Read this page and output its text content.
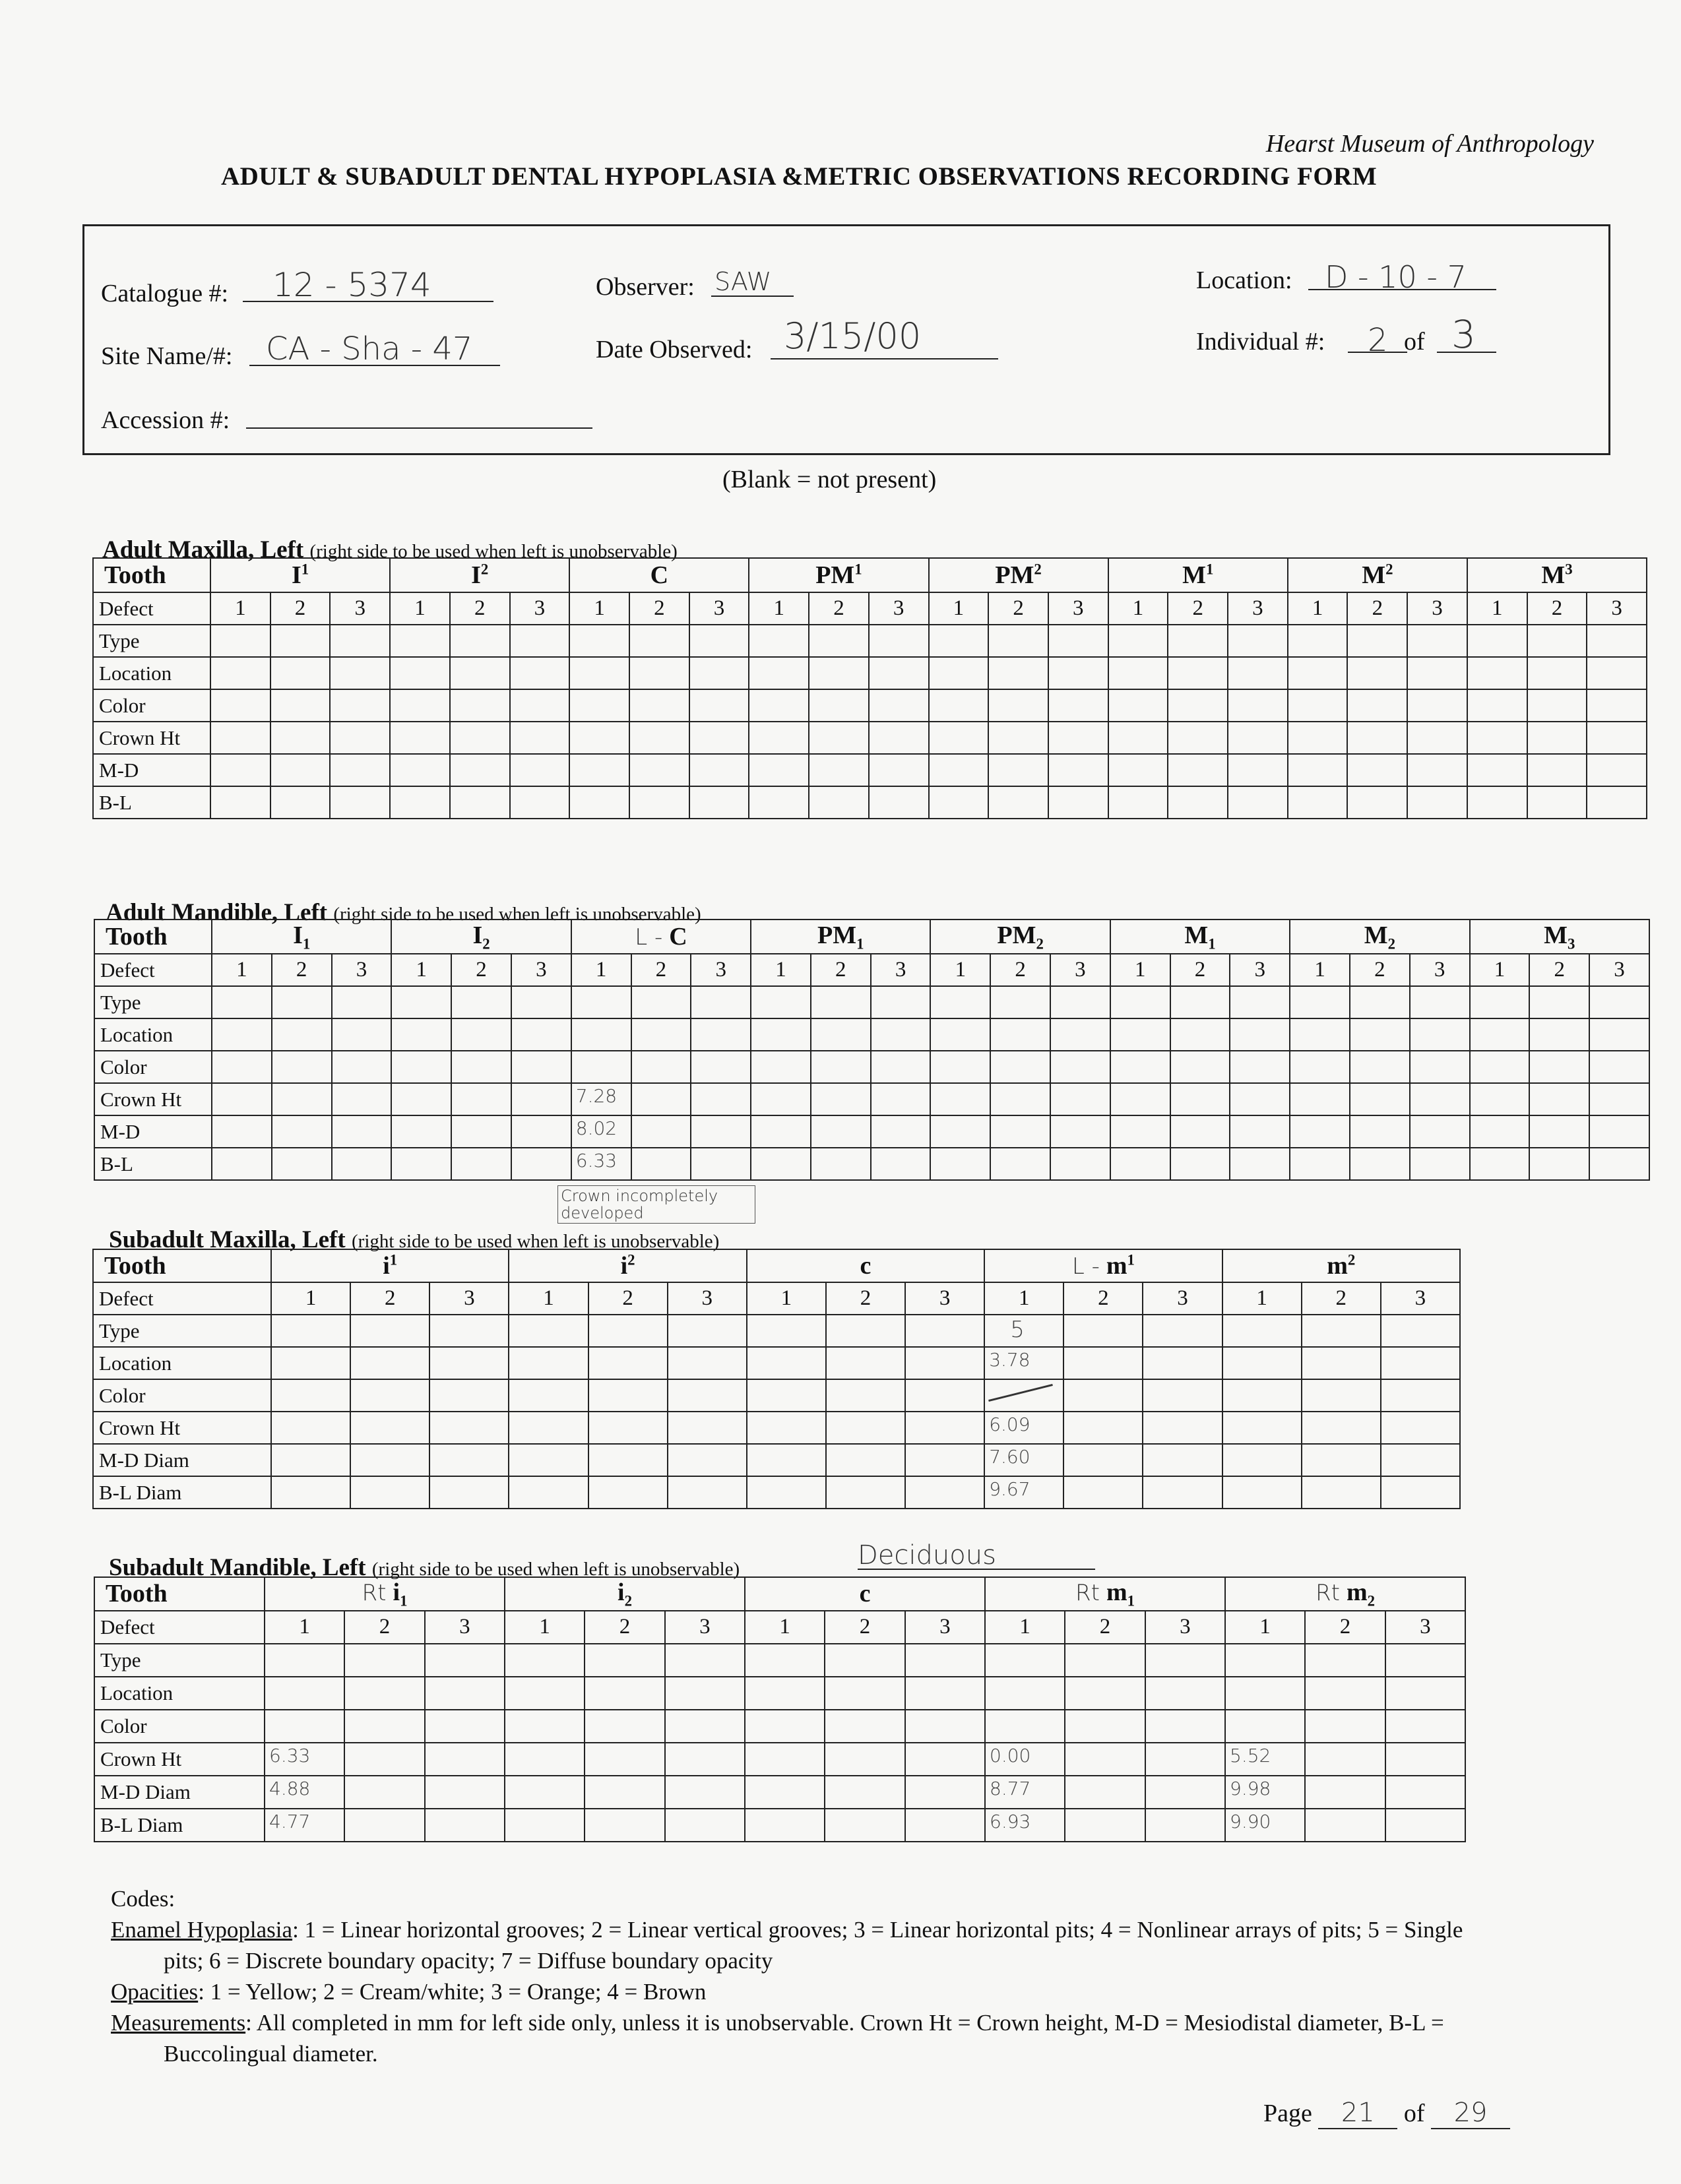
Hearst Museum of Anthropology
ADULT & SUBADULT DENTAL HYPOPLASIA &METRIC OBSERVATIONS RECORDING FORM
Catalogue #: 12 - 5374
Site Name/#: CA - Sha - 47
Accession #:
Observer: SAW
Date Observed: 3/15/00
Location: D - 10 - 7
Individual #: 2 of 3
(Blank = not present)
Adult Maxilla, Left (right side to be used when left is unobservable)
Adult Mandible, Left (right side to be used when left is unobservable)
Subadult Maxilla, Left (right side to be used when left is unobservable)
Subadult Mandible, Left (right side to be used when left is unobservable)	Deciduous
Tooth	$I^1$			$I^2$			C			$PM^1$			$PM^2$			$M^1$			$M^2$			$M^3$
Defect	1	2	3	1	2	3	1	2	3	1	2	3	1	2	3	1	2	3	1	2	3	1	2	3
Type																								
Location																								
Color																								
Crown Ht																								
M-D																								
B-L																								
Tooth	$I_1$			$I_2$			L - C			$PM_1$			$PM_2$			$M_1$			$M_2$			$M_3$
Defect	1	2	3	1	2	3	1	2	3	1	2	3	1	2	3	1	2	3	1	2	3	1	2	3
Type																								
Location																								
Color																								
Crown Ht							7.28																	

M-D							8.02																	

B-L							6.33																	

Tooth	$i^1$			$i^2$			c			L - $m^1$			$m^2$
Defect	1	2	3	1	2	3	1	2	3	1	2	3	1	2	3
Type										5					

Location										3.78					

Color															
Crown Ht										6.09					

M-D Diam										7.60					

B-L Diam										9.67					

Tooth	Rt $i_1$			$i_2$			c			Rt $m_1$			Rt $m_2$
Defect	1	2	3	1	2	3	1	2	3	1	2	3	1	2	3
Type															
Location															
Color															
Crown Ht	6.33									0.00			5.52		

M-D Diam	4.88									8.77			9.98		

B-L Diam	4.77									6.93			9.90		

Codes:
Enamel Hypoplasia: 1 = Linear horizontal grooves; 2 = Linear vertical grooves; 3 = Linear horizontal pits; 4 = Nonlinear arrays of pits; 5 = Single
pits; 6 = Discrete boundary opacity; 7 = Diffuse boundary opacity
Opacities: 1 = Yellow; 2 = Cream/white; 3 = Orange; 4 = Brown
Measurements: All completed in mm for left side only, unless it is unobservable. Crown Ht = Crown height, M-D = Mesiodistal diameter, B-L =
Buccolingual diameter.
Page 21 of 29
Crown incompletely developed
